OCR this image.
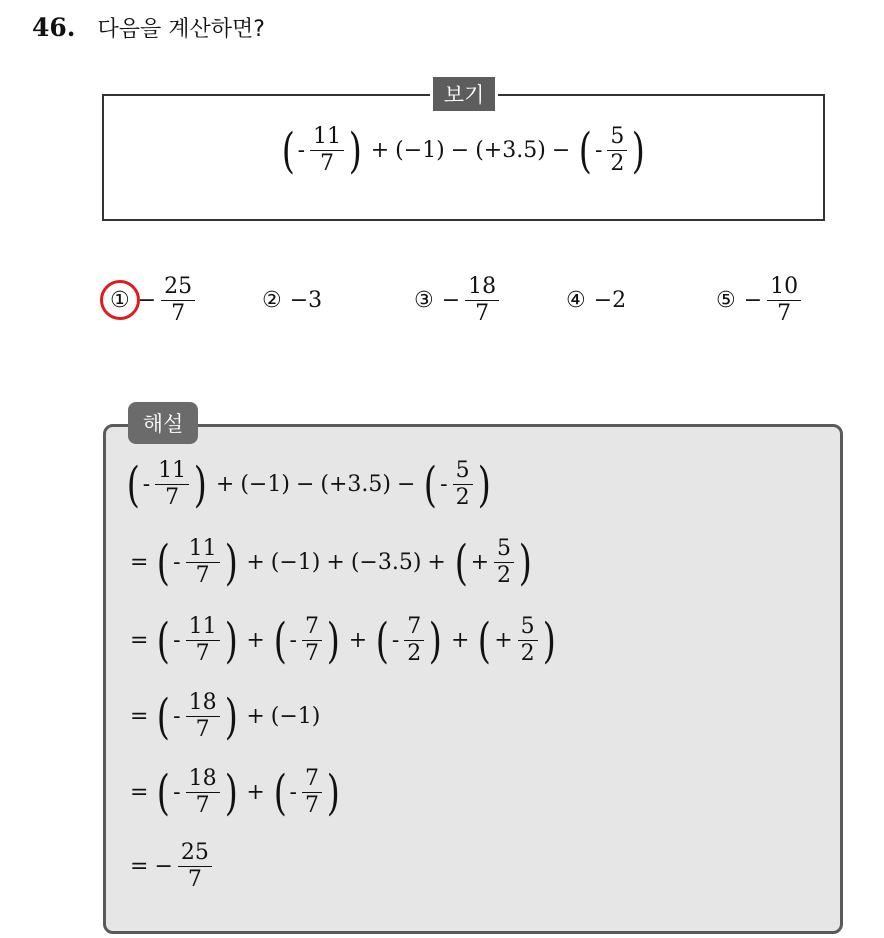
46. 다음을 계산하면?
( - $\frac{11}{7}$ ) + (−1) − (+3.5) − ( - $\frac{5}{2}$ )
보기
① − $\frac{25}{7}$	② −3	③ − $\frac{18}{7}$	④ −2	⑤ − $\frac{10}{7}$
해설
( - $\frac{11}{7}$ ) + (−1) − (+3.5) − ( - $\frac{5}{2}$ )
= ( - $\frac{11}{7}$ ) + (−1) + (−3.5) + ( + $\frac{5}{2}$ )
= ( - $\frac{11}{7}$ ) + ( - $\frac{7}{7}$ ) + ( - $\frac{7}{2}$ ) + ( + $\frac{5}{2}$ )
= ( - $\frac{18}{7}$ ) + (−1)
= ( - $\frac{18}{7}$ ) + ( - $\frac{7}{7}$ )
= − $\frac{25}{7}$
